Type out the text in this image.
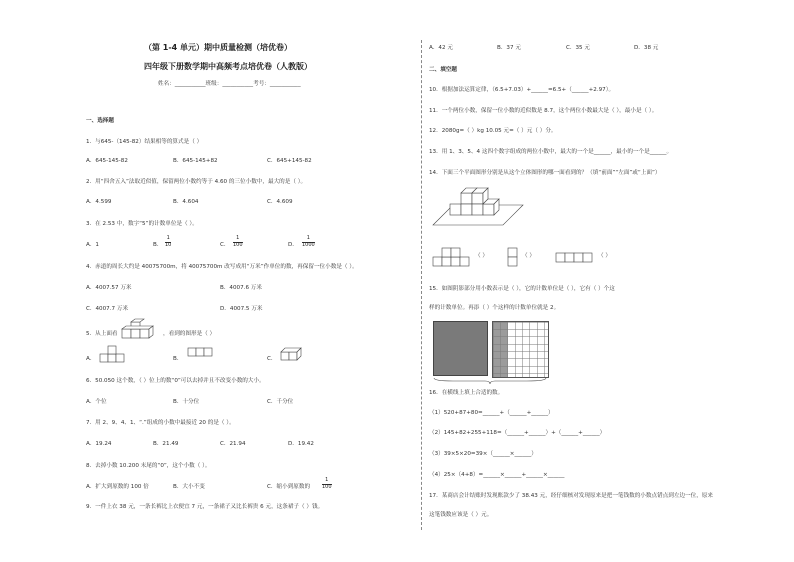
（第 1-4 单元）期中质量检测（培优卷）
四年级下册数学期中高频考点培优卷（人教版）
姓名：___________班级：___________考号：___________
一、选择题
1．与645-（145-82）结果相等的算式是（ ）
A．645-145-82	B．645-145+82	C．645+145-82
2．用“四舍五入”法取近似值，保留两位小数约等于 4.60 的三位小数中，最大的是（ ）。
A．4.599	B．4.604	C．4.609
3．在 2.53 中，数字“5”的计数单位是（ ）。
A．1	B．
1
10	C．
1
100	D．
1
1000
4．赤道的周长大约是 40075700m，将 40075700m 改写成用“万米”作单位的数，再保留一位小数是（ ）。
A．4007.57 万米	B．4007.6 万米
C．4007.7 万米	D．4007.5 万米
5．从上面看	，看到的图形是（ ）
A．	B．	C．
6．50.050 这个数，（ ）位上的数“0”可以去掉并且不改变小数的大小。
A．个位	B．十分位	C．千分位
7．用 2、9、4、1、“.”组成的小数中最接近 20 的是（ ）。
A．19.24	B．21.49	C．21.94	D．19.42
8．去掉小数 10.200 末尾的“0”，这个小数（ ）。
A．扩大到原数的 100 倍	B．大小不变	C．缩小到原数的
1
100
9．一件上衣 38 元，一条长裤比上衣便宜 7 元，一条裙子又比长裤贵 6 元，这条裙子（ ）钱。
A．42 元	B．37 元	C．35 元	D．38 元
二、填空题
10．根据加法运算定律，（6.5+7.03）+______=6.5+（______+2.97）。
11．一个两位小数，保留一位小数的近似数是 8.7，这个两位小数最大是（ ），最小是（ ）。
12．2080g=（ ）kg 10.05 元=（ ）元（ ）分。
13．用 1、3、5、4 这四个数字组成的两位小数中，最大的一个是______，最小的一个是______。
14．下面三个平面图形分别是从这个立体图形的哪一面看到的？（填“前面”“左面”或“上面”）
（ ）	（ ）	（ ）
15．如图阴影部分用小数表示是（ ），它的计数单位是（ ），它有（ ）个这
样的计数单位。再添（ ）个这样的计数单位就是 2。
16．在横线上填上合适的数。
（1）520+87+80=______+（______+______）
（2）145+82+255+118=（______+______）+（______+______）
（3）39×5×20=39×（______×______）
（4）25×（4+8）=______×______+______×______
17．某商店会计结账时发现账款少了 38.43 元，经仔细核对发现原来是把一笔钱数的小数点错点到左边一位，原来
这笔钱数应该是（ ）元。
